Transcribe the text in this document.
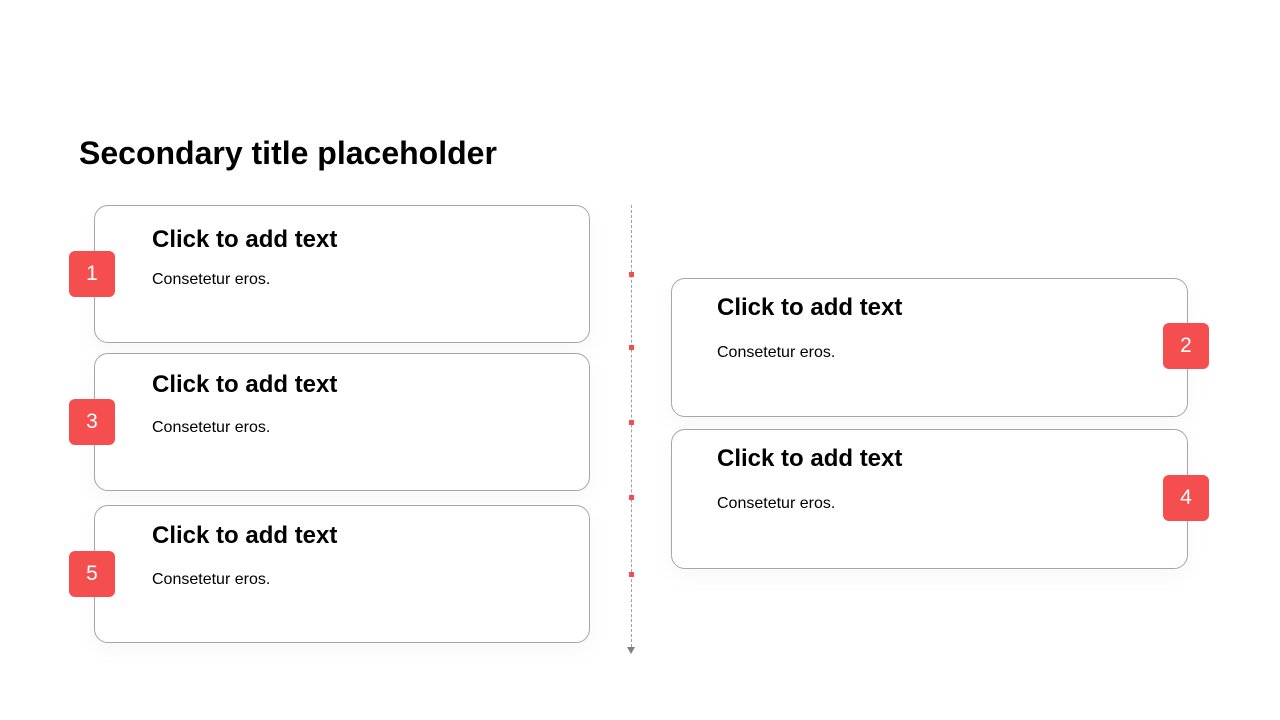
Secondary title placeholder
Click to add text
Consetetur eros.
1
Click to add text
Consetetur eros.
3
Click to add text
Consetetur eros.
5
Click to add text
Consetetur eros.	2
Click to add text
Consetetur eros.	4
